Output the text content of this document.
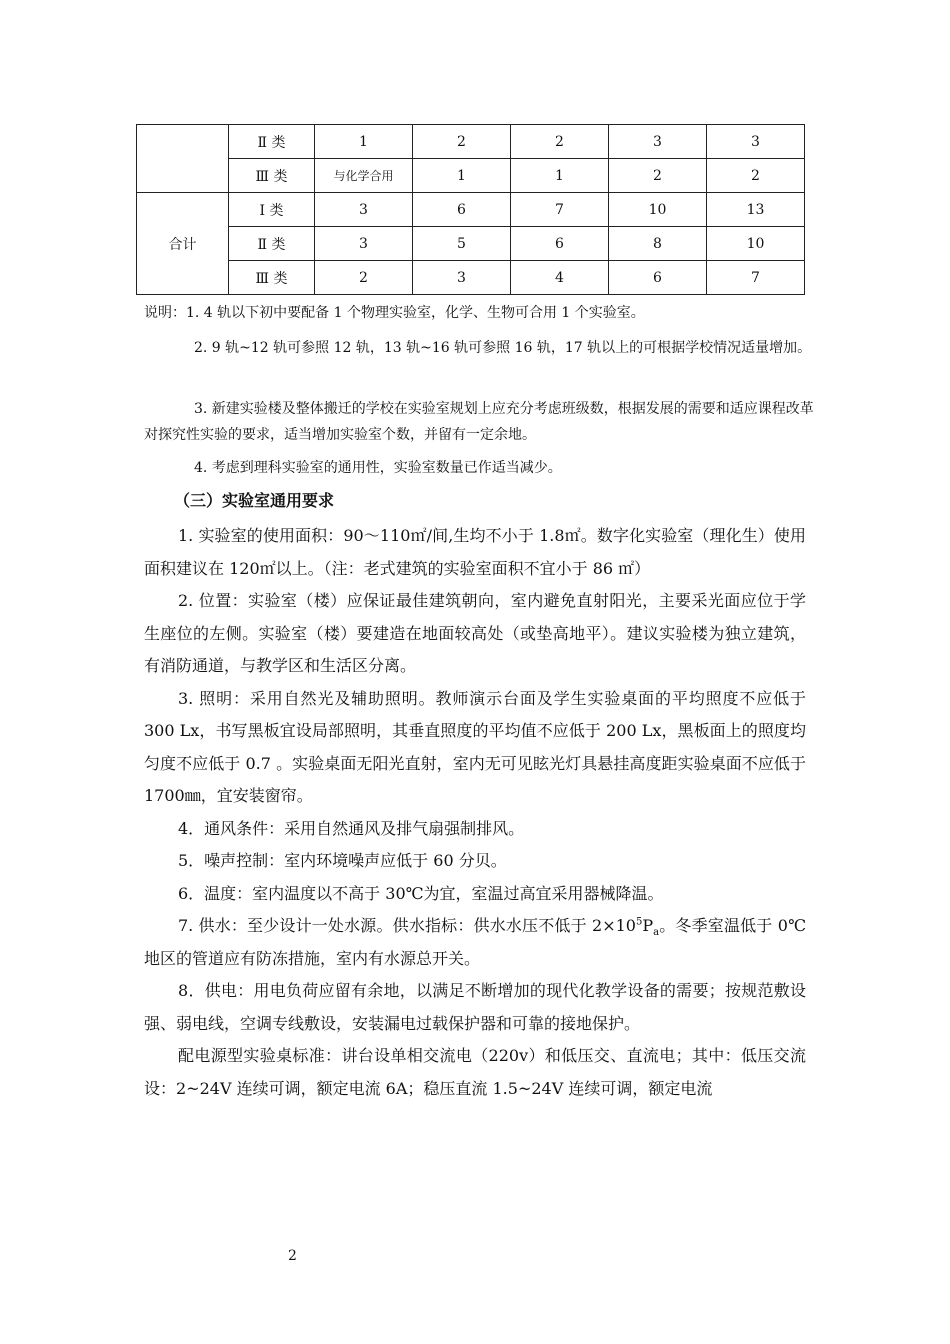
	Ⅱ 类	1	2	2	3	3
	Ⅲ 类	与化学合用	1	1	2	2
合计	Ⅰ 类	3	6	7	10	13
	Ⅱ 类	3	5	6	8	10
	Ⅲ 类	2	3	4	6	7

说明：1. 4 轨以下初中要配备 1 个物理实验室，化学、生物可合用 1 个实验室。

2. 9 轨~12 轨可参照 12 轨，13 轨~16 轨可参照 16 轨，17 轨以上的可根据学校情况适量增加。

3. 新建实验楼及整体搬迁的学校在实验室规划上应充分考虑班级数，根据发展的需要和适应课程改革对探究性实验的要求，适当增加实验室个数，并留有一定余地。

4. 考虑到理科实验室的通用性，实验室数量已作适当减少。

（三）实验室通用要求

1. 实验室的使用面积：90～110㎡/间,生均不小于 1.8㎡。数字化实验室（理化生）使用面积建议在 120㎡以上。（注：老式建筑的实验室面积不宜小于 86 ㎡）

2. 位置：实验室（楼）应保证最佳建筑朝向，室内避免直射阳光，主要采光面应位于学生座位的左侧。实验室（楼）要建造在地面较高处（或垫高地平）。建议实验楼为独立建筑，有消防通道，与教学区和生活区分离。

3. 照明：采用自然光及辅助照明。教师演示台面及学生实验桌面的平均照度不应低于 300 Lx，书写黑板宜设局部照明，其垂直照度的平均值不应低于 200 Lx，黑板面上的照度均匀度不应低于 0.7 。实验桌面无阳光直射，室内无可见眩光灯具悬挂高度距实验桌面不应低于 1700㎜，宜安装窗帘。

4．通风条件：采用自然通风及排气扇强制排风。

5．噪声控制：室内环境噪声应低于 60 分贝。

6．温度：室内温度以不高于 30℃为宜，室温过高宜采用器械降温。

7. 供水：至少设计一处水源。供水指标：供水水压不低于 $2\times 10^5P_a$。冬季室温低于 0℃地区的管道应有防冻措施，室内有水源总开关。

8．供电：用电负荷应留有余地，以满足不断增加的现代化教学设备的需要；按规范敷设强、弱电线，空调专线敷设，安装漏电过载保护器和可靠的接地保护。

配电源型实验桌标准：讲台设单相交流电（220v）和低压交、直流电；其中：低压交流设：2~24V 连续可调，额定电流 6A；稳压直流 1.5~24V 连续可调，额定电流

2
